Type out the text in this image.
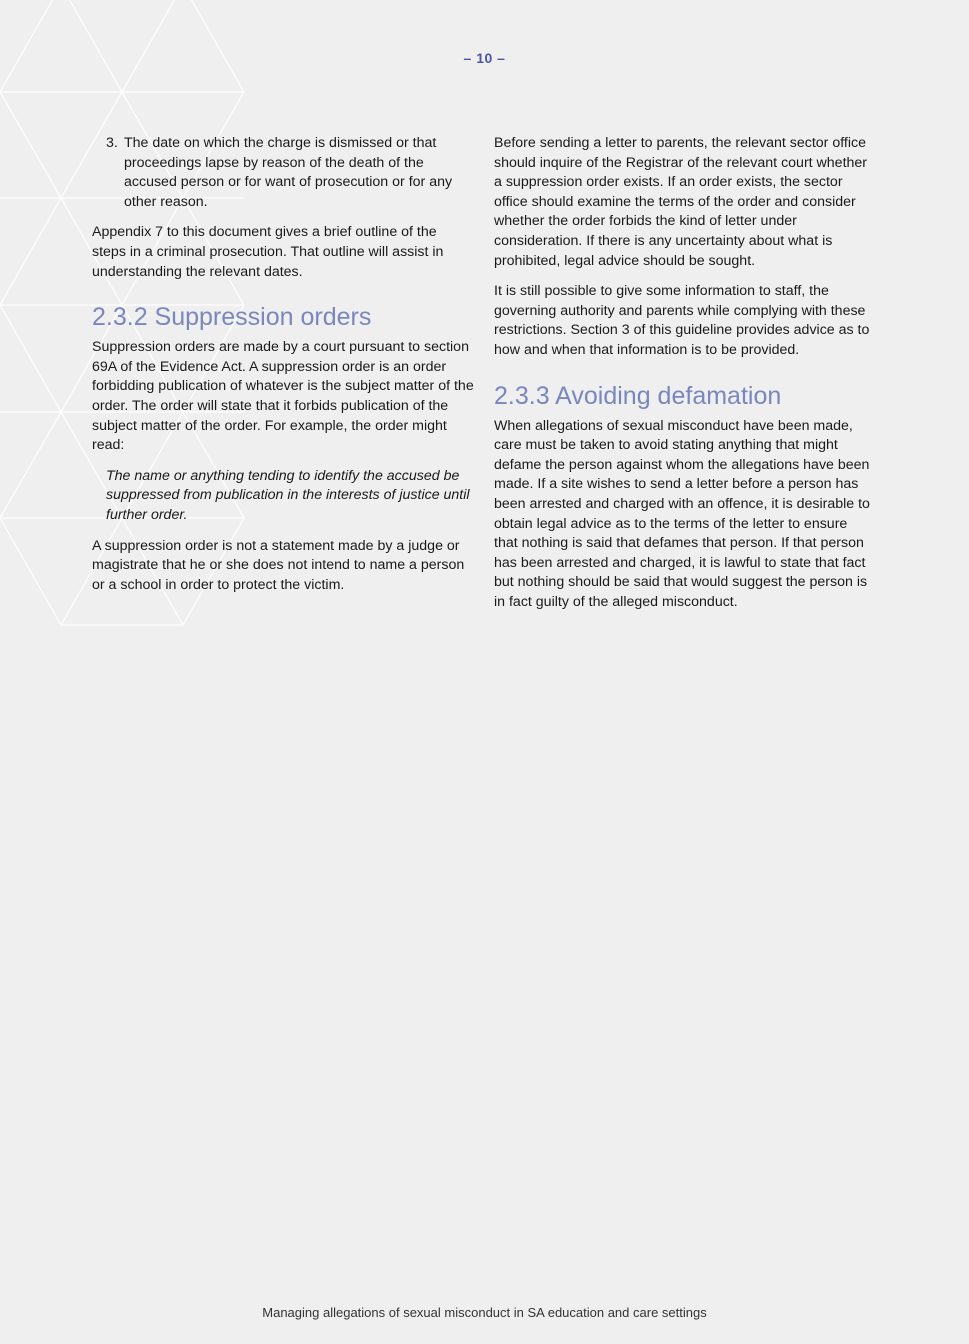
– 10 –
3. The date on which the charge is dismissed or that proceedings lapse by reason of the death of the accused person or for want of prosecution or for any other reason.

Appendix 7 to this document gives a brief outline of the steps in a criminal prosecution. That outline will assist in understanding the relevant dates.

2.3.2 Suppression orders

Suppression orders are made by a court pursuant to section 69A of the Evidence Act. A suppression order is an order forbidding publication of whatever is the subject matter of the order. The order will state that it forbids publication of the subject matter of the order. For example, the order might read:

The name or anything tending to identify the accused be suppressed from publication in the interests of justice until further order.

A suppression order is not a statement made by a judge or magistrate that he or she does not intend to name a person or a school in order to protect the victim.

Before sending a letter to parents, the relevant sector office should inquire of the Registrar of the relevant court whether a suppression order exists. If an order exists, the sector office should examine the terms of the order and consider whether the order forbids the kind of letter under consideration. If there is any uncertainty about what is prohibited, legal advice should be sought.

It is still possible to give some information to staff, the governing authority and parents while complying with these restrictions. Section 3 of this guideline provides advice as to how and when that information is to be provided.

2.3.3 Avoiding defamation

When allegations of sexual misconduct have been made, care must be taken to avoid stating anything that might defame the person against whom the allegations have been made. If a site wishes to send a letter before a person has been arrested and charged with an offence, it is desirable to obtain legal advice as to the terms of the letter to ensure that nothing is said that defames that person. If that person has been arrested and charged, it is lawful to state that fact but nothing should be said that would suggest the person is in fact guilty of the alleged misconduct.

Managing allegations of sexual misconduct in SA education and care settings
